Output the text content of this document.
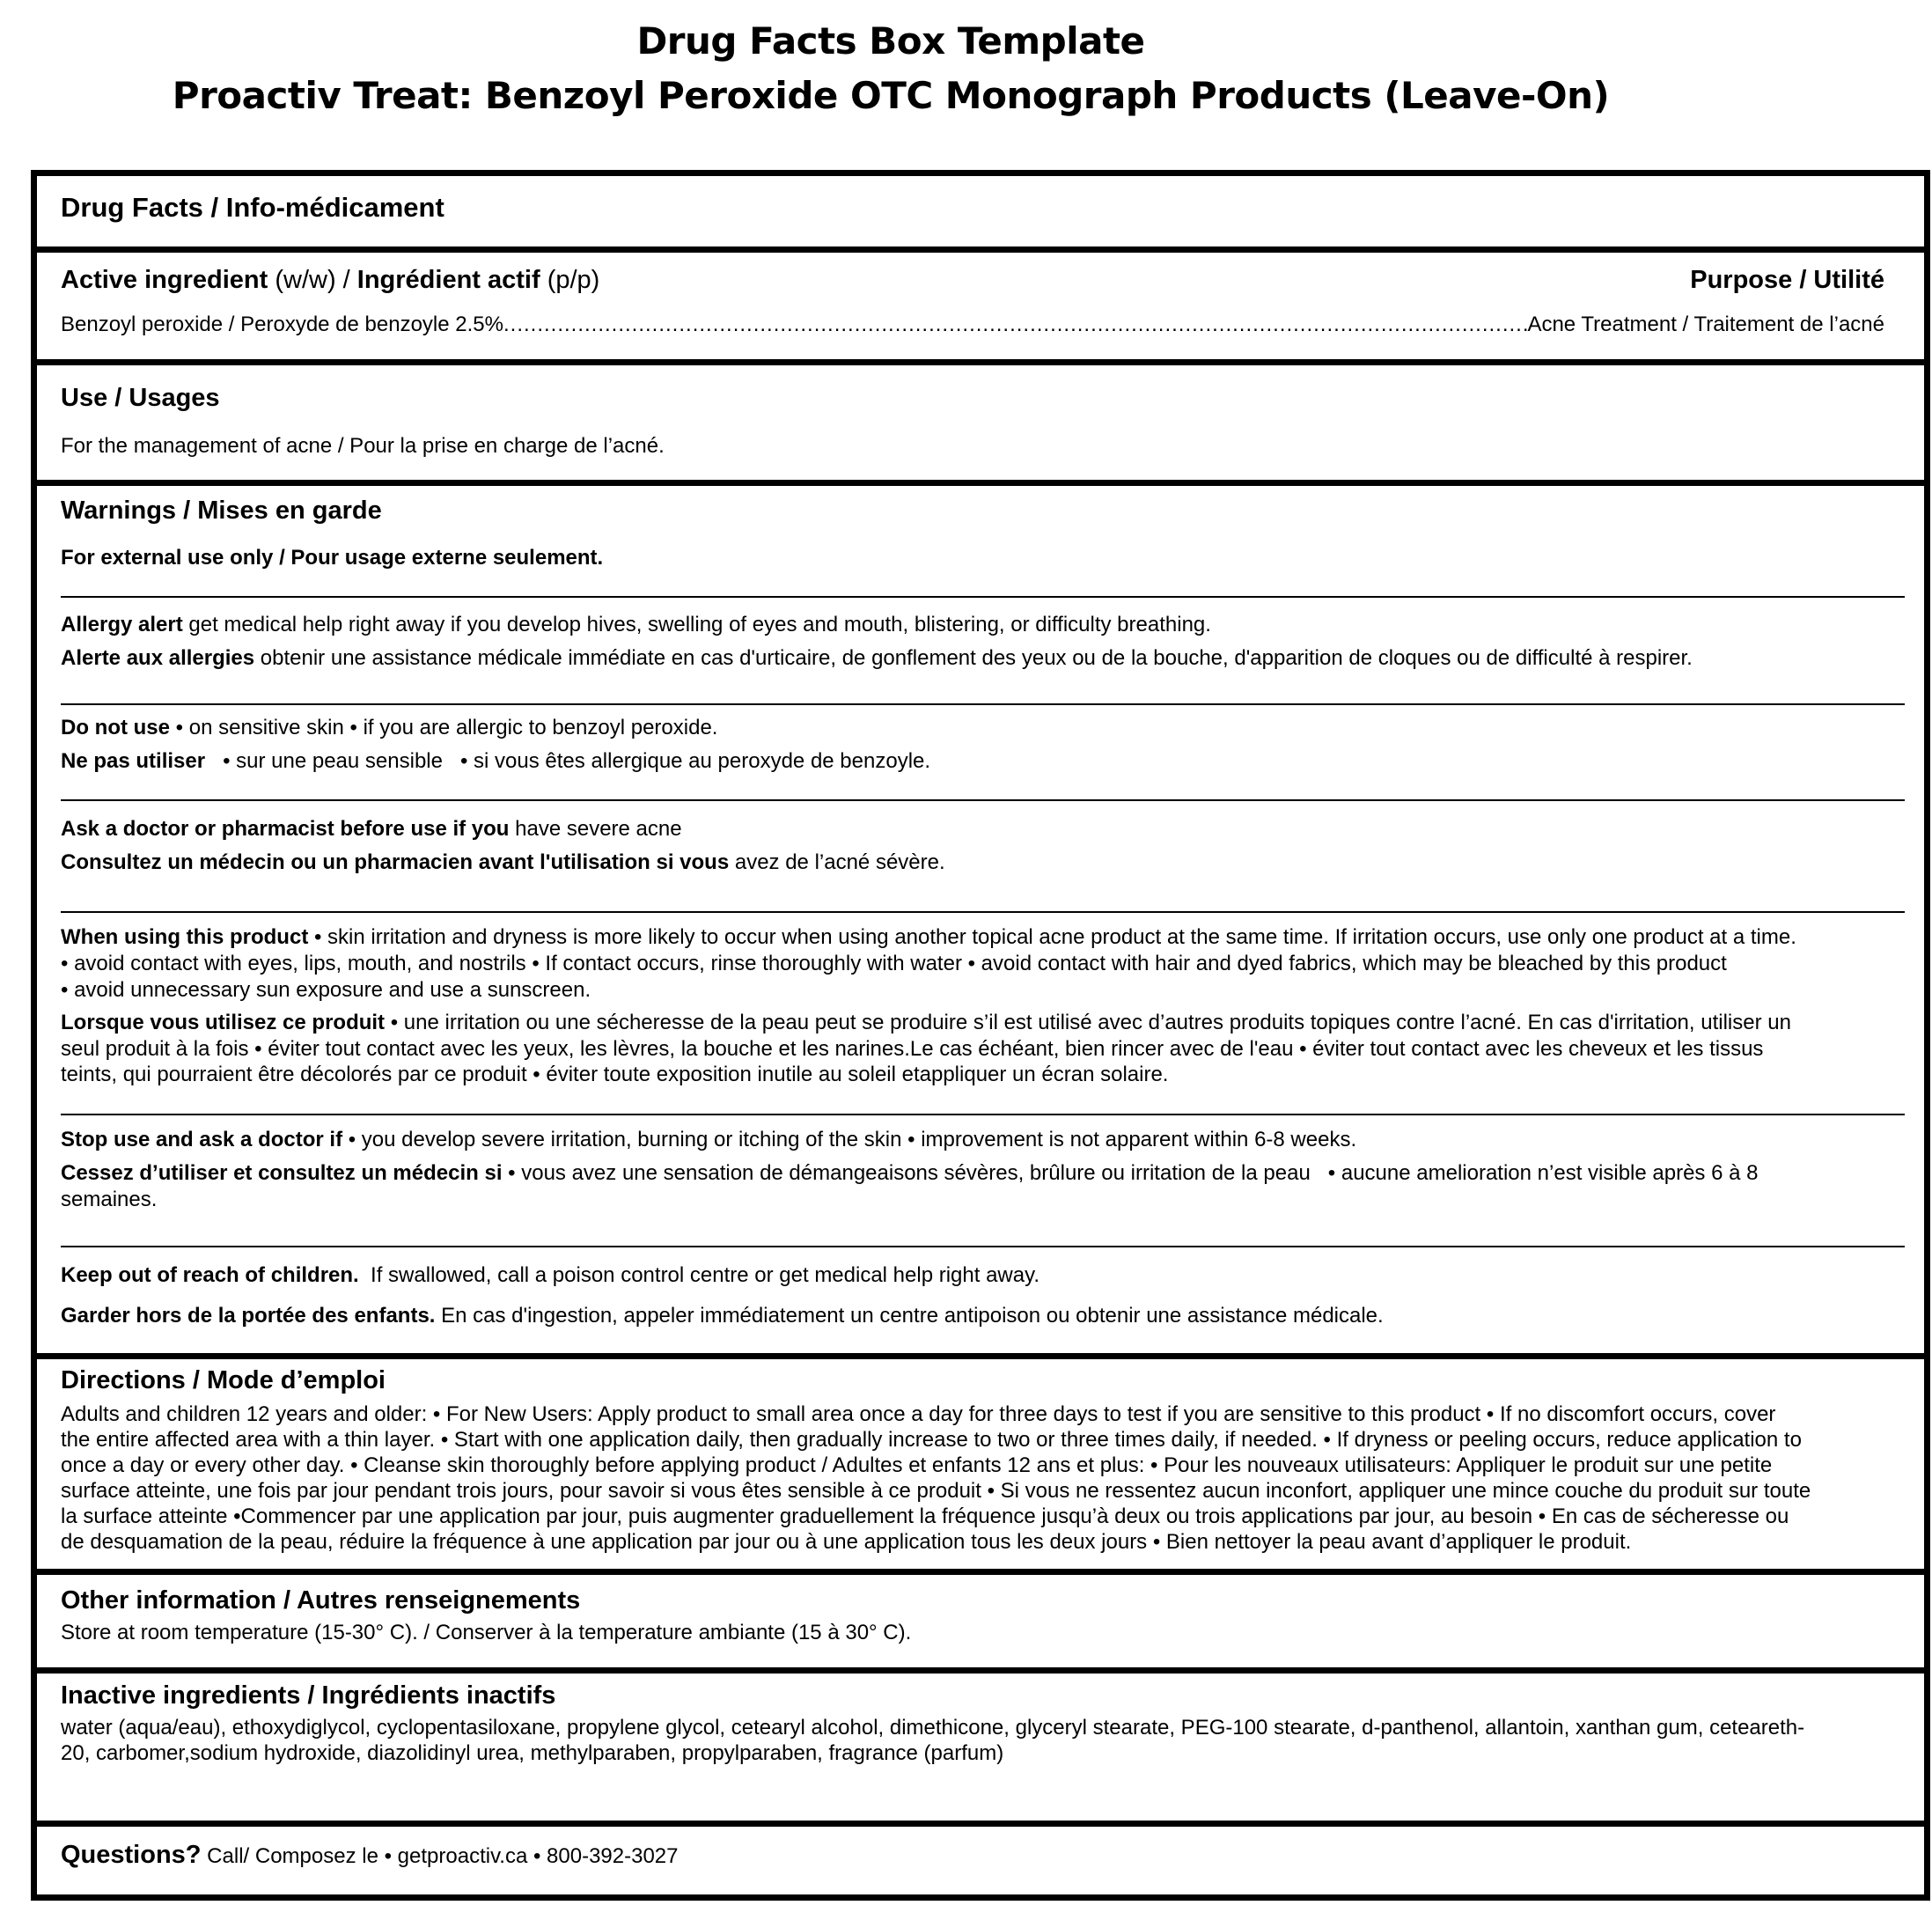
Drug Facts Box Template
Proactiv Treat: Benzoyl Peroxide OTC Monograph Products (Leave-On)
Drug Facts / Info-médicament
Active ingredient (w/w) / Ingrédient actif (p/p)	Purpose / Utilité
Benzoyl peroxide / Peroxyde de benzoyle 2.5%
.....	Acne Treatment / Traitement de l’acné
Use / Usages
For the management of acne / Pour la prise en charge de l’acné.
Warnings / Mises en garde
For external use only / Pour usage externe seulement.
Allergy alert get medical help right away if you develop hives, swelling of eyes and mouth, blistering, or difficulty breathing.
Alerte aux allergies obtenir une assistance médicale immédiate en cas d'urticaire, de gonflement des yeux ou de la bouche, d'apparition de cloques ou de difficulté à respirer.
Do not use • on sensitive skin • if you are allergic to benzoyl peroxide.
Ne pas utiliser   • sur une peau sensible   • si vous êtes allergique au peroxyde de benzoyle.
Ask a doctor or pharmacist before use if you have severe acne
Consultez un médecin ou un pharmacien avant l'utilisation si vous avez de l’acné sévère.
When using this product • skin irritation and dryness is more likely to occur when using another topical acne product at the same time. If irritation occurs, use only one product at a time.
• avoid contact with eyes, lips, mouth, and nostrils • If contact occurs, rinse thoroughly with water • avoid contact with hair and dyed fabrics, which may be bleached by this product
• avoid unnecessary sun exposure and use a sunscreen.
Lorsque vous utilisez ce produit • une irritation ou une sécheresse de la peau peut se produire s’il est utilisé avec d’autres produits topiques contre l’acné. En cas d'irritation, utiliser un
seul produit à la fois • éviter tout contact avec les yeux, les lèvres, la bouche et les narines.Le cas échéant, bien rincer avec de l'eau • éviter tout contact avec les cheveux et les tissus
teints, qui pourraient être décolorés par ce produit • éviter toute exposition inutile au soleil etappliquer un écran solaire.
Stop use and ask a doctor if • you develop severe irritation, burning or itching of the skin • improvement is not apparent within 6-8 weeks.
Cessez d’utiliser et consultez un médecin si • vous avez une sensation de démangeaisons sévères, brûlure ou irritation de la peau   • aucune amelioration n’est visible après 6 à 8
semaines.
Keep out of reach of children.  If swallowed, call a poison control centre or get medical help right away.
Garder hors de la portée des enfants. En cas d'ingestion, appeler immédiatement un centre antipoison ou obtenir une assistance médicale.
Directions / Mode d’emploi
Adults and children 12 years and older: • For New Users: Apply product to small area once a day for three days to test if you are sensitive to this product • If no discomfort occurs, cover
the entire affected area with a thin layer. • Start with one application daily, then gradually increase to two or three times daily, if needed. • If dryness or peeling occurs, reduce application to
once a day or every other day. • Cleanse skin thoroughly before applying product / Adultes et enfants 12 ans et plus: • Pour les nouveaux utilisateurs: Appliquer le produit sur une petite
surface atteinte, une fois par jour pendant trois jours, pour savoir si vous êtes sensible à ce produit • Si vous ne ressentez aucun inconfort, appliquer une mince couche du produit sur toute
la surface atteinte •Commencer par une application par jour, puis augmenter graduellement la fréquence jusqu’à deux ou trois applications par jour, au besoin • En cas de sécheresse ou
de desquamation de la peau, réduire la fréquence à une application par jour ou à une application tous les deux jours • Bien nettoyer la peau avant d’appliquer le produit.
Other information / Autres renseignements
Store at room temperature (15-30° C). / Conserver à la temperature ambiante (15 à 30° C).
Inactive ingredients / Ingrédients inactifs
water (aqua/eau), ethoxydiglycol, cyclopentasiloxane, propylene glycol, cetearyl alcohol, dimethicone, glyceryl stearate, PEG-100 stearate, d-panthenol, allantoin, xanthan gum, ceteareth-
20, carbomer,sodium hydroxide, diazolidinyl urea, methylparaben, propylparaben, fragrance (parfum)
Questions? Call/ Composez le • getproactiv.ca • 800-392-3027
